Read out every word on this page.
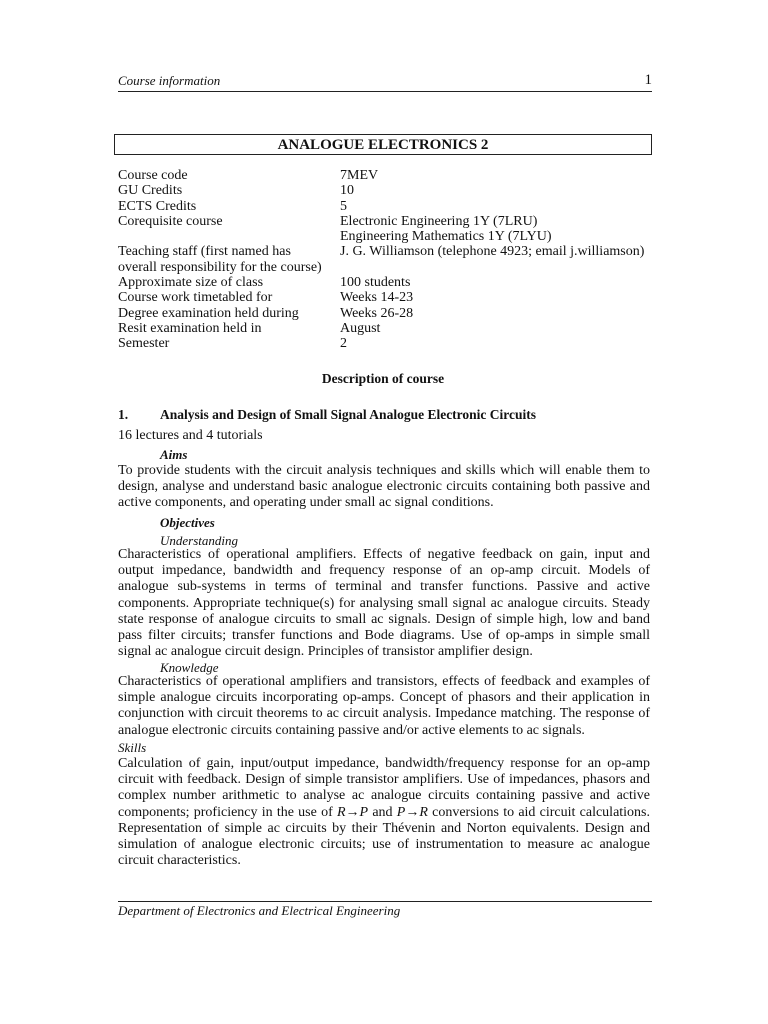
Course information	1
ANALOGUE ELECTRONICS 2
Course code	7MEV
GU Credits	10
ECTS Credits	5
Corequisite course	Electronic Engineering 1Y (7LRU)
Engineering Mathematics 1Y (7LYU)
Teaching staff (first named has	J. G. Williamson (telephone 4923; email j.williamson)
overall responsibility for the course)
Approximate size of class	100 students
Course work timetabled for	Weeks 14-23
Degree examination held during	Weeks 26-28
Resit examination held in	August
Semester	2
Description of course
1.	Analysis and Design of Small Signal Analogue Electronic Circuits
16 lectures and 4 tutorials
Aims
To provide students with the circuit analysis techniques and skills which will enable them to design, analyse and understand basic analogue electronic circuits containing both passive and active components, and operating under small ac signal conditions.
Objectives
Understanding
Characteristics of operational amplifiers. Effects of negative feedback on gain, input and output impedance, bandwidth and frequency response of an op-amp circuit. Models of analogue sub-systems in terms of terminal and transfer functions. Passive and active components. Appropriate technique(s) for analysing small signal ac analogue circuits. Steady state response of analogue circuits to small ac signals. Design of simple high, low and band pass filter circuits; transfer functions and Bode diagrams. Use of op-amps in simple small signal ac analogue circuit design. Principles of transistor amplifier design.
Knowledge
Characteristics of operational amplifiers and transistors, effects of feedback and examples of simple analogue circuits incorporating op-amps. Concept of phasors and their application in conjunction with circuit theorems to ac circuit analysis. Impedance matching. The response of analogue electronic circuits containing passive and/or active elements to ac signals.
Skills
Calculation of gain, input/output impedance, bandwidth/frequency response for an op-amp circuit with feedback. Design of simple transistor amplifiers. Use of impedances, phasors and complex number arithmetic to analyse ac analogue circuits containing passive and active components; proficiency in the use of R→P and P→R conversions to aid circuit calculations. Representation of simple ac circuits by their Thévenin and Norton equivalents. Design and simulation of analogue electronic circuits; use of instrumentation to measure ac analogue circuit characteristics.
Department of Electronics and Electrical Engineering
